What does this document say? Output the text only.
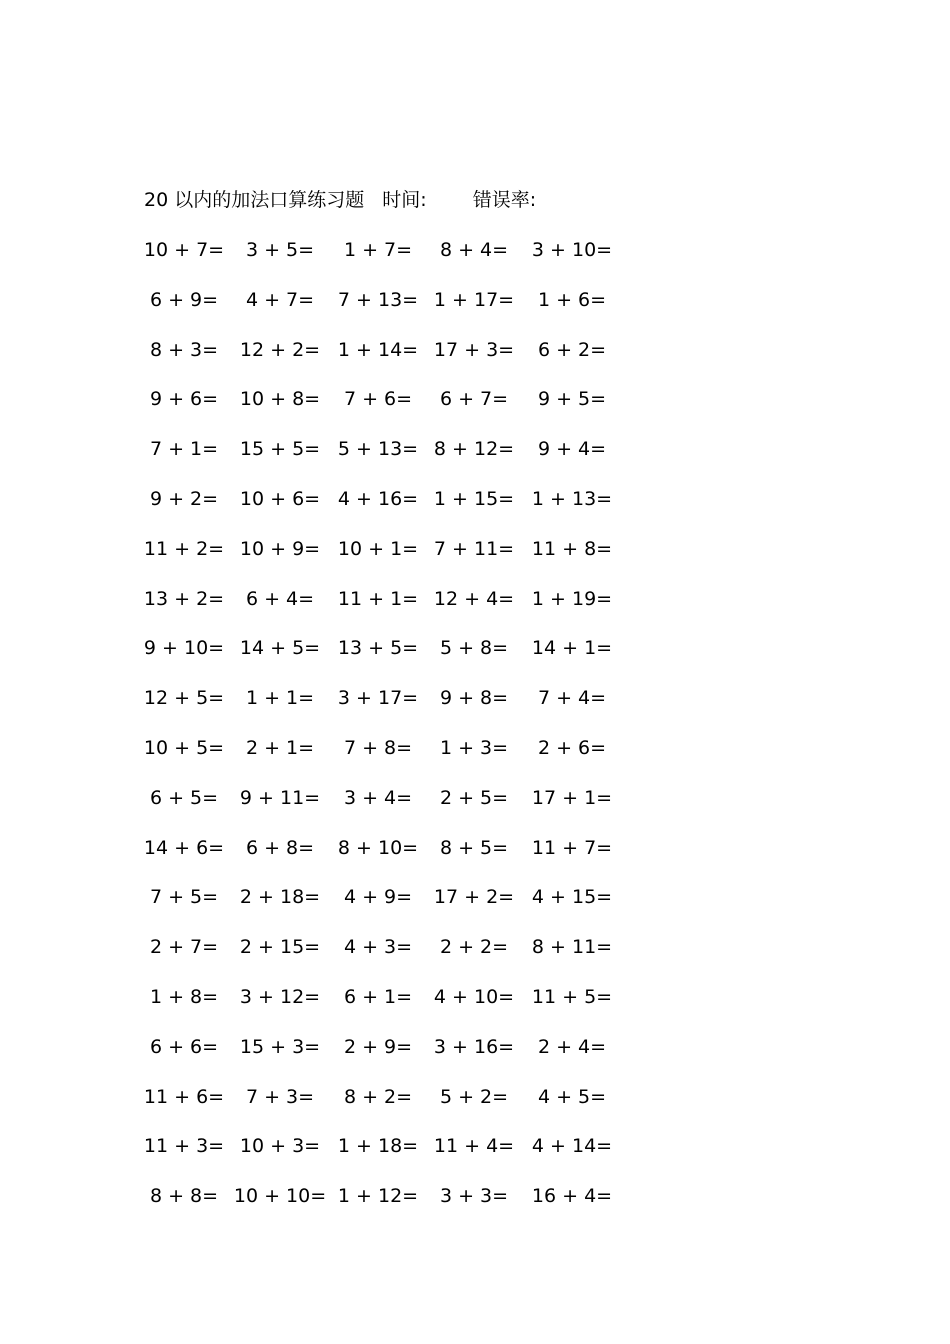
20 以内的加法口算练习题 时间: 错误率:
10 + 7= 3 + 5= 1 + 7= 8 + 4= 3 + 10=
6 + 9= 4 + 7= 7 + 13= 1 + 17= 1 + 6=
8 + 3= 12 + 2= 1 + 14= 17 + 3= 6 + 2=
9 + 6= 10 + 8= 7 + 6= 6 + 7= 9 + 5=
7 + 1= 15 + 5= 5 + 13= 8 + 12= 9 + 4=
9 + 2= 10 + 6= 4 + 16= 1 + 15= 1 + 13=
11 + 2= 10 + 9= 10 + 1= 7 + 11= 11 + 8=
13 + 2= 6 + 4= 11 + 1= 12 + 4= 1 + 19=
9 + 10= 14 + 5= 13 + 5= 5 + 8= 14 + 1=
12 + 5= 1 + 1= 3 + 17= 9 + 8= 7 + 4=
10 + 5= 2 + 1= 7 + 8= 1 + 3= 2 + 6=
6 + 5= 9 + 11= 3 + 4= 2 + 5= 17 + 1=
14 + 6= 6 + 8= 8 + 10= 8 + 5= 11 + 7=
7 + 5= 2 + 18= 4 + 9= 17 + 2= 4 + 15=
2 + 7= 2 + 15= 4 + 3= 2 + 2= 8 + 11=
1 + 8= 3 + 12= 6 + 1= 4 + 10= 11 + 5=
6 + 6= 15 + 3= 2 + 9= 3 + 16= 2 + 4=
11 + 6= 7 + 3= 8 + 2= 5 + 2= 4 + 5=
11 + 3= 10 + 3= 1 + 18= 11 + 4= 4 + 14=
8 + 8= 10 + 10= 1 + 12= 3 + 3= 16 + 4=
